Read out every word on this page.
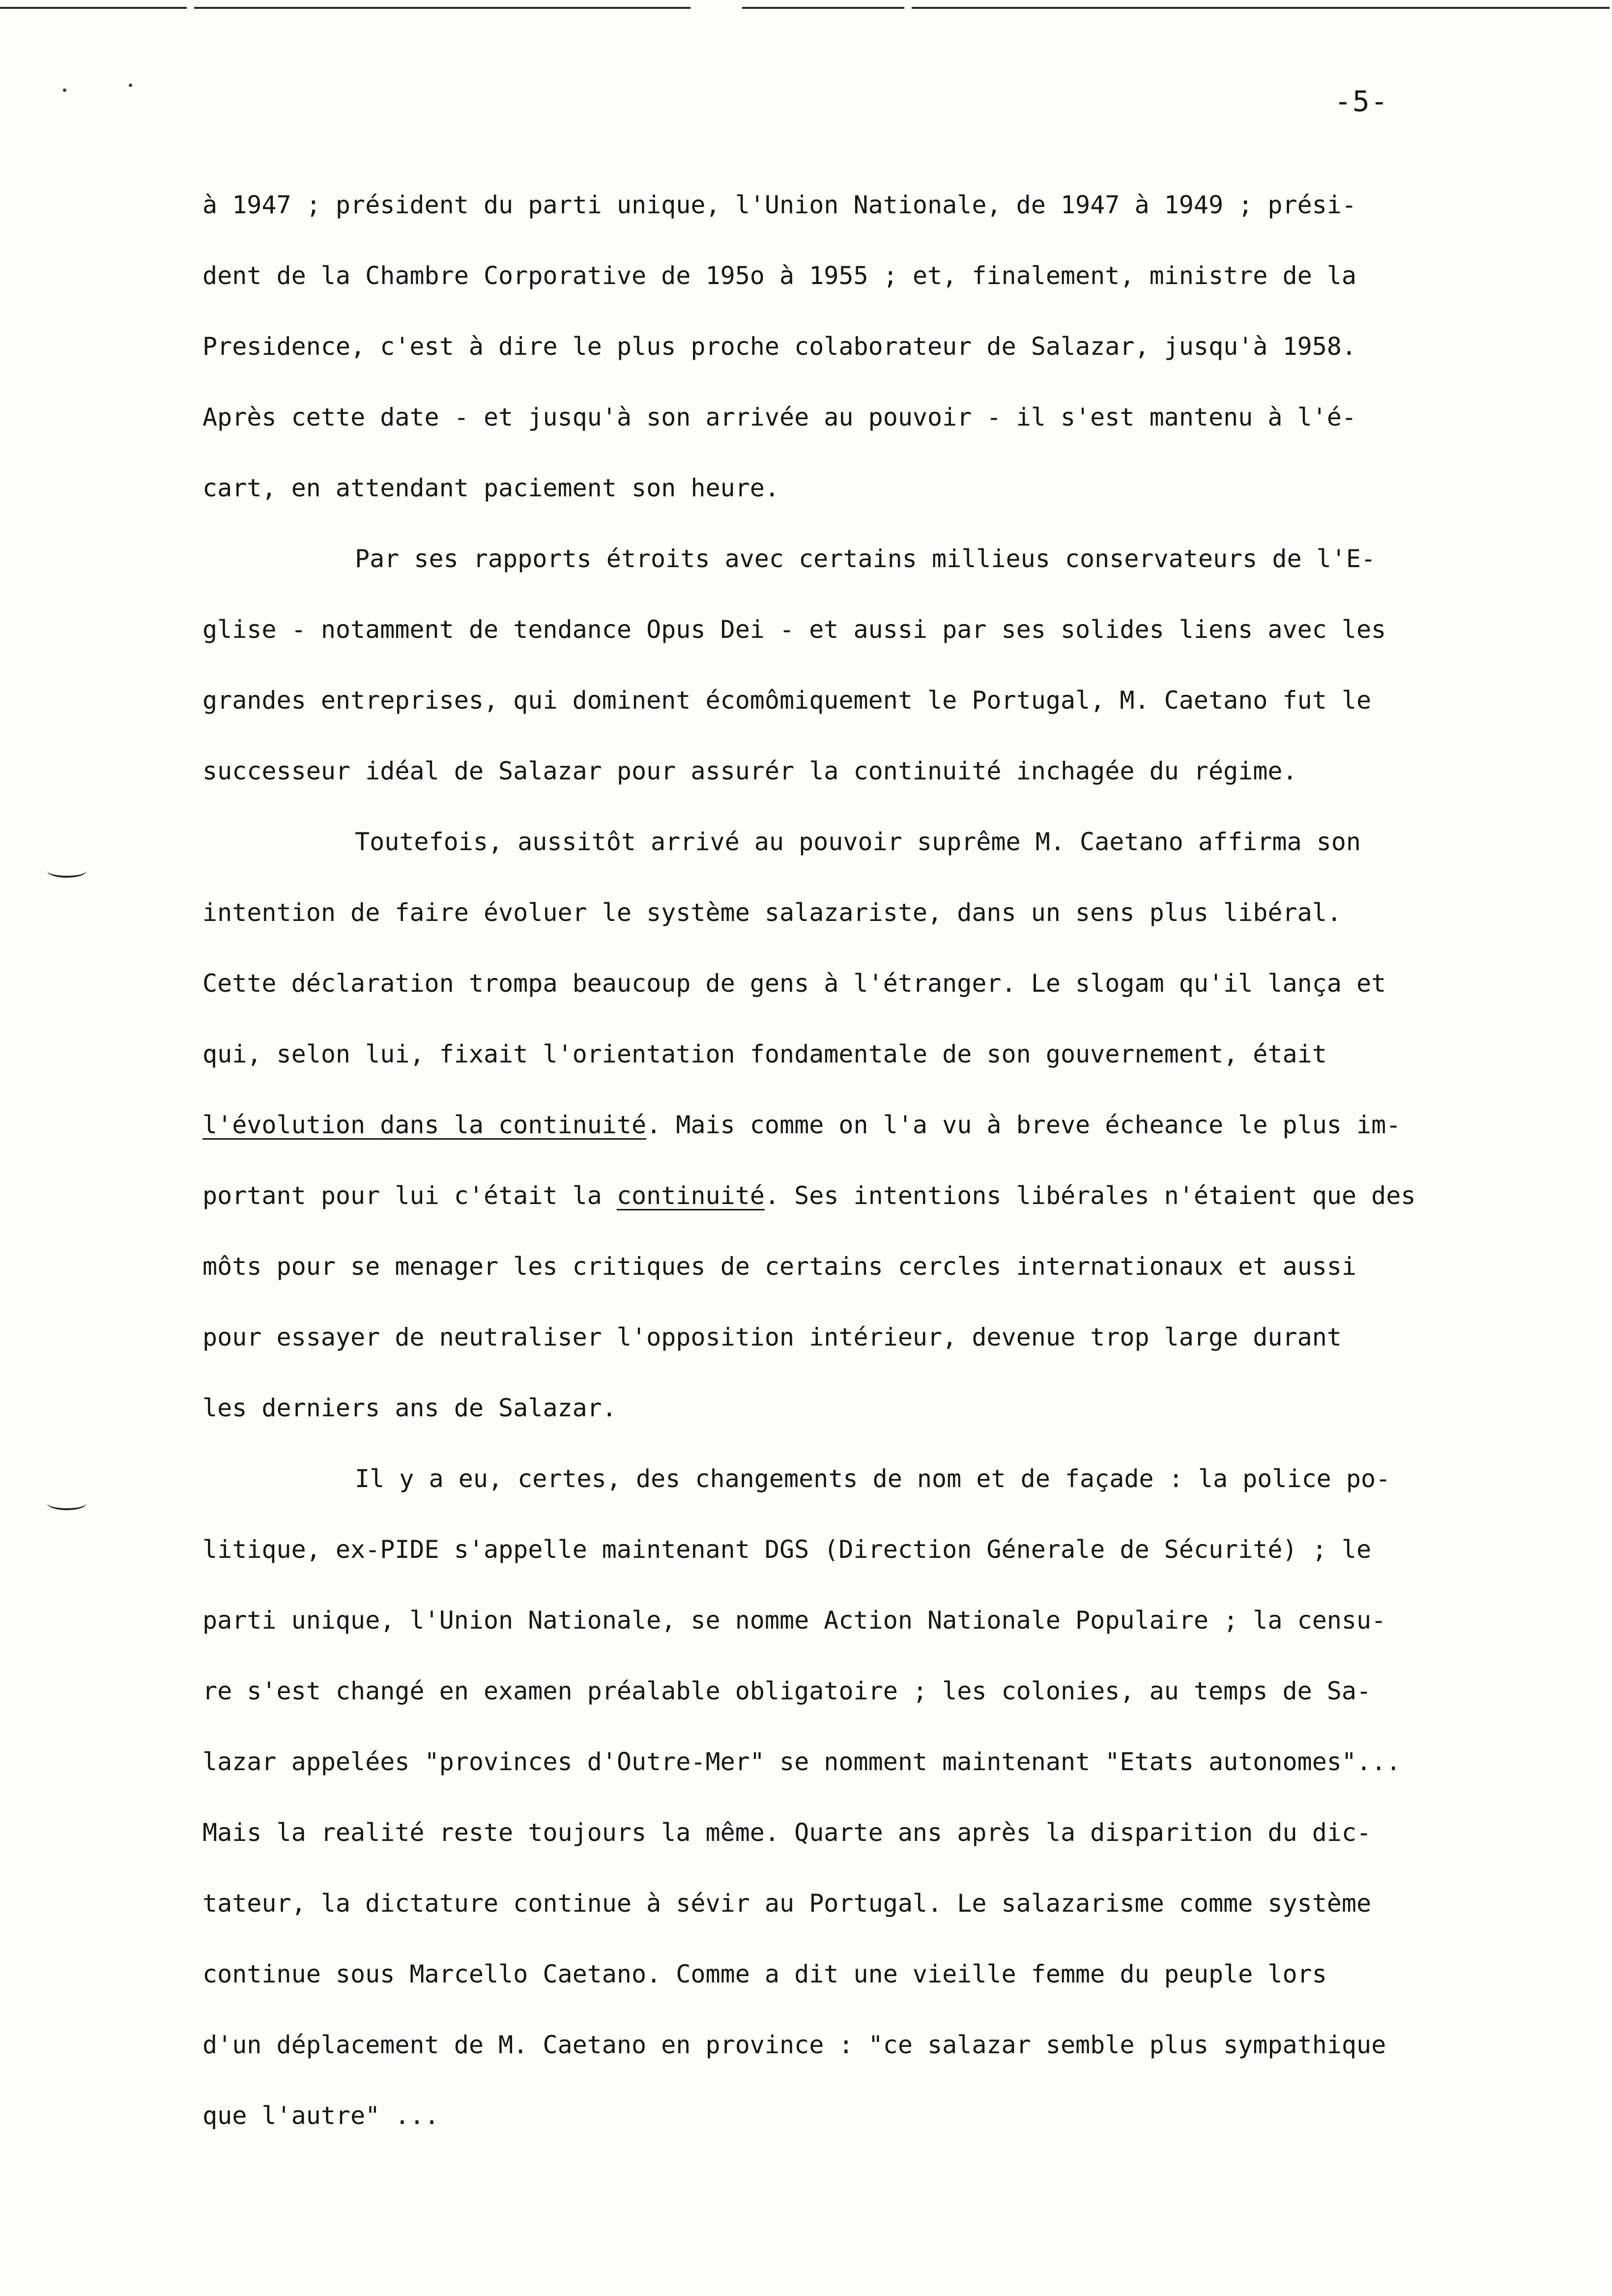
-5-
à 1947 ; président du parti unique, l'Union Nationale, de 1947 à 1949 ; prési-
dent de la Chambre Corporative de 195o à 1955 ; et, finalement, ministre de la
Presidence, c'est à dire le plus proche colaborateur de Salazar, jusqu'à 1958.
Après cette date - et jusqu'à son arrivée au pouvoir - il s'est mantenu à l'é-
cart, en attendant paciement son heure.
Par ses rapports étroits avec certains millieus conservateurs de l'E-
glise - notamment de tendance Opus Dei - et aussi par ses solides liens avec les
grandes entreprises, qui dominent écomômiquement le Portugal, M. Caetano fut le
successeur idéal de Salazar pour assurér la continuité inchagée du régime.
Toutefois, aussitôt arrivé au pouvoir suprême M. Caetano affirma son
intention de faire évoluer le système salazariste, dans un sens plus libéral.
Cette déclaration trompa beaucoup de gens à l'étranger. Le slogam qu'il lança et
qui, selon lui, fixait l'orientation fondamentale de son gouvernement, était
l'évolution dans la continuité. Mais comme on l'a vu à breve écheance le plus im-
portant pour lui c'était la continuité. Ses intentions libérales n'étaient que des
môts pour se menager les critiques de certains cercles internationaux et aussi
pour essayer de neutraliser l'opposition intérieur, devenue trop large durant
les derniers ans de Salazar.
Il y a eu, certes, des changements de nom et de façade : la police po-
litique, ex-PIDE s'appelle maintenant DGS (Direction Génerale de Sécurité) ; le
parti unique, l'Union Nationale, se nomme Action Nationale Populaire ; la censu-
re s'est changé en examen préalable obligatoire ; les colonies, au temps de Sa-
lazar appelées "provinces d'Outre-Mer" se nomment maintenant "Etats autonomes"...
Mais la realité reste toujours la même. Quarte ans après la disparition du dic-
tateur, la dictature continue à sévir au Portugal. Le salazarisme comme système
continue sous Marcello Caetano. Comme a dit une vieille femme du peuple lors
d'un déplacement de M. Caetano en province : "ce salazar semble plus sympathique
que l'autre" ...
